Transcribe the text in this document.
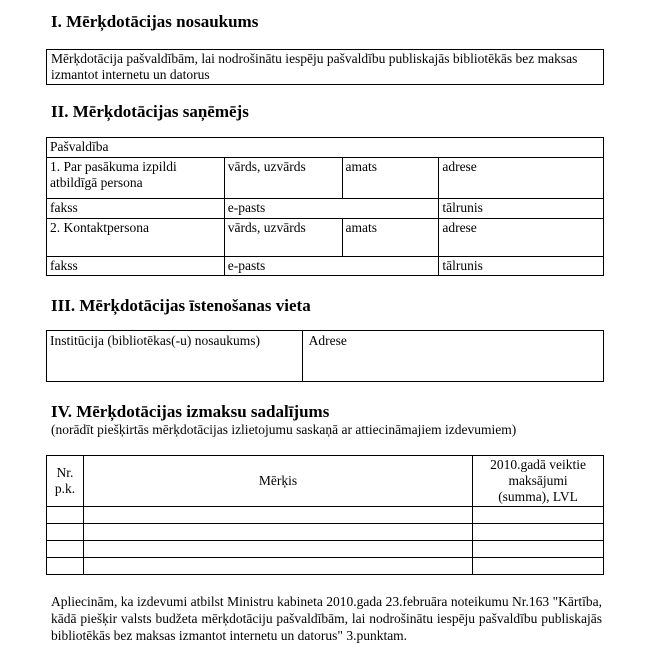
I. Mērķdotācijas nosaukums
Mērķdotācija pašvaldībām, lai nodrošinātu iespēju pašvaldību publiskajās bibliotēkās bez maksas izmantot internetu un datorus
II. Mērķdotācijas saņēmējs
Pašvaldība			
1. Par pasākuma izpildi atbildīgā persona	vārds, uzvārds	amats	adrese
fakss	e-pasts		tālrunis
2. Kontaktpersona	vārds, uzvārds	amats	adrese
fakss	e-pasts		tālrunis
III. Mērķdotācijas īstenošanas vieta
Institūcija (bibliotēkas(-u) nosaukums)	Adrese
IV. Mērķdotācijas izmaksu sadalījums
(norādīt piešķirtās mērķdotācijas izlietojumu saskaņā ar attiecināmajiem izdevumiem)
Nr. p.k.	Mērķis	2010.gadā veiktie maksājumi (summa), LVL

Apliecinām, ka izdevumi atbilst Ministru kabineta 2010.gada 23.februāra noteikumu Nr.163 "Kārtība, kādā piešķir valsts budžeta mērķdotāciju pašvaldībām, lai nodrošinātu iespēju pašvaldību publiskajās bibliotēkās bez maksas izmantot internetu un datorus" 3.punktam.
